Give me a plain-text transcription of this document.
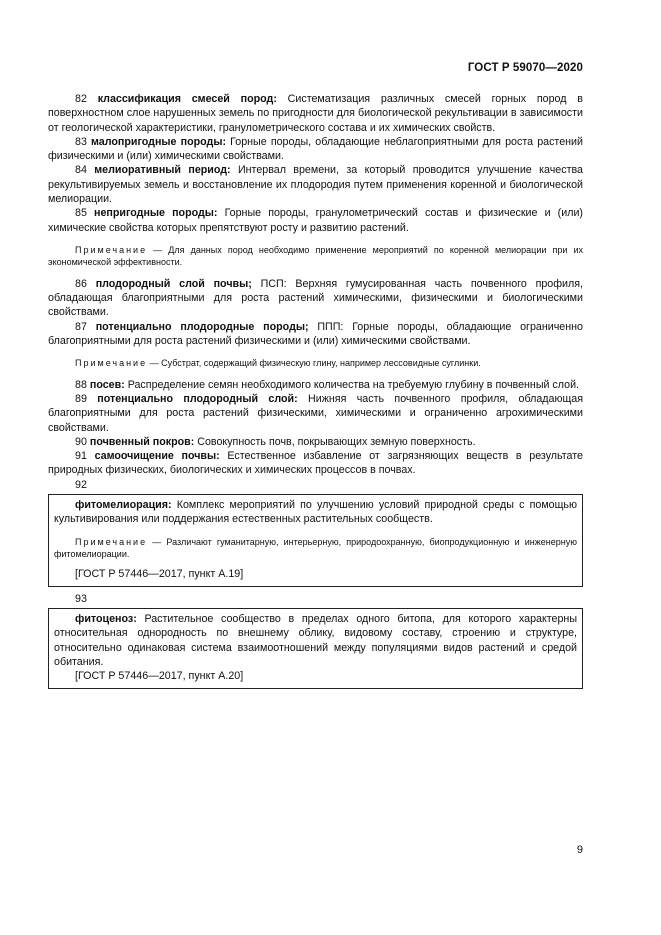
ГОСТ Р 59070—2020

82 классификация смесей пород: Систематизация различных смесей горных пород в поверхностном слое нарушенных земель по пригодности для биологической рекультивации в зависимости от геологической характеристики, гранулометрического состава и их химических свойств.

83 малопригодные породы: Горные породы, обладающие неблагоприятными для роста растений физическими и (или) химическими свойствами.

84 мелиоративный период: Интервал времени, за который проводится улучшение качества рекультивируемых земель и восстановление их плодородия путем применения коренной и биологической мелиорации.

85 непригодные породы: Горные породы, гранулометрический состав и физические и (или) химические свойства которых препятствуют росту и развитию растений.

Примечание — Для данных пород необходимо применение мероприятий по коренной мелиорации при их экономической эффективности.

86 плодородный слой почвы; ПСП: Верхняя гумусированная часть почвенного профиля, обладающая благоприятными для роста растений химическими, физическими и биологическими свойствами.

87 потенциально плодородные породы; ППП: Горные породы, обладающие ограниченно благоприятными для роста растений физическими и (или) химическими свойствами.

Примечание — Субстрат, содержащий физическую глину, например лессовидные суглинки.

88 посев: Распределение семян необходимого количества на требуемую глубину в почвенный слой.

89 потенциально плодородный слой: Нижняя часть почвенного профиля, обладающая благоприятными для роста растений физическими, химическими и ограниченно агрохимическими свойствами.

90 почвенный покров: Совокупность почв, покрывающих земную поверхность.

91 самоочищение почвы: Естественное избавление от загрязняющих веществ в результате природных физических, биологических и химических процессов в почвах.

92

фитомелиорация: Комплекс мероприятий по улучшению условий природной среды с помощью культивирования или поддержания естественных растительных сообществ.

Примечание — Различают гуманитарную, интерьерную, природоохранную, биопродукционную и инженерную фитомелиорации.

[ГОСТ Р 57446—2017, пункт А.19]

93

фитоценоз: Растительное сообщество в пределах одного битопа, для которого характерны относительная однородность по внешнему облику, видовому составу, строению и структуре, относительно одинаковая система взаимоотношений между популяциями видов растений и средой обитания.

[ГОСТ Р 57446—2017, пункт А.20]

9
